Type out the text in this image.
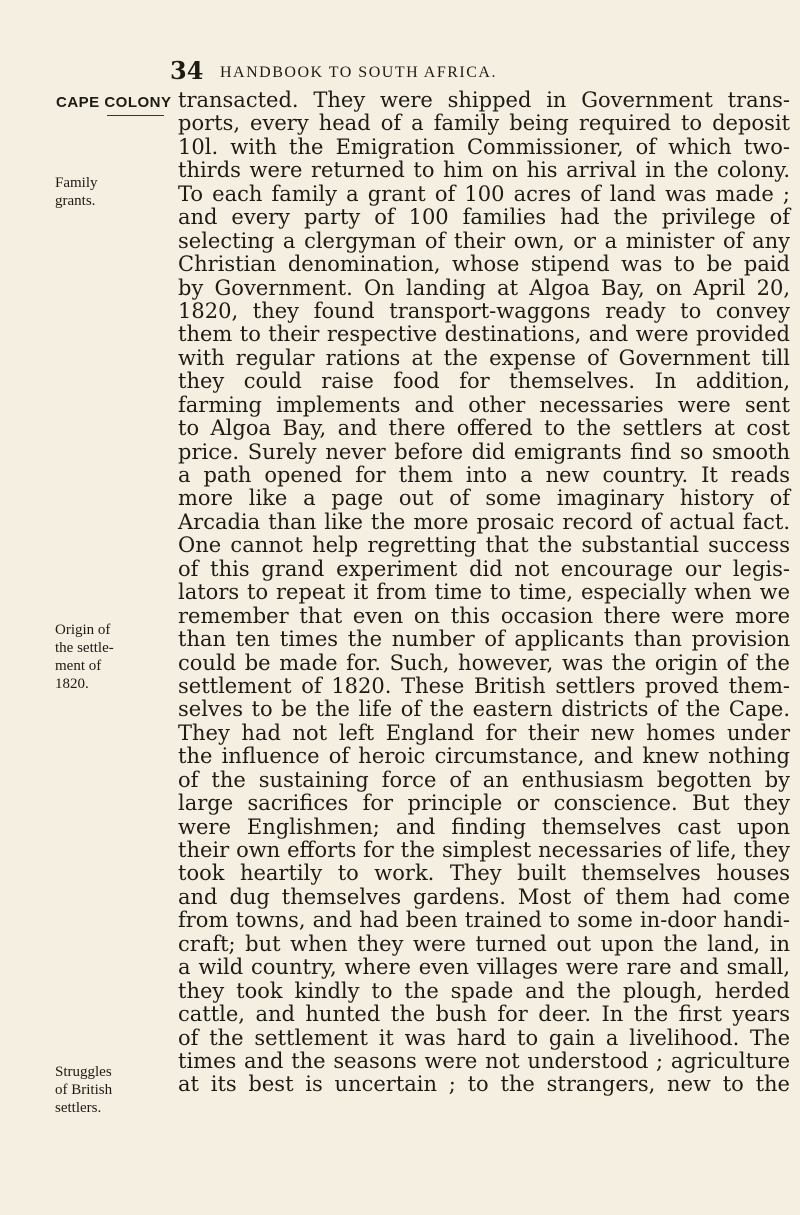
34 HANDBOOK TO SOUTH AFRICA.
CAPE COLONY
Family
grants.
Origin of
the settle-
ment of
1820.
Struggles
of British
settlers.
transacted. They were shipped in Government trans-
ports, every head of a family being required to deposit
10l. with the Emigration Commissioner, of which two-
thirds were returned to him on his arrival in the colony.
To each family a grant of 100 acres of land was made ;
and every party of 100 families had the privilege of
selecting a clergyman of their own, or a minister of any
Christian denomination, whose stipend was to be paid
by Government. On landing at Algoa Bay, on April 20,
1820, they found transport-waggons ready to convey
them to their respective destinations, and were provided
with regular rations at the expense of Government till
they could raise food for themselves. In addition,
farming implements and other necessaries were sent
to Algoa Bay, and there offered to the settlers at cost
price. Surely never before did emigrants find so smooth
a path opened for them into a new country. It reads
more like a page out of some imaginary history of
Arcadia than like the more prosaic record of actual fact.
One cannot help regretting that the substantial success
of this grand experiment did not encourage our legis-
lators to repeat it from time to time, especially when we
remember that even on this occasion there were more
than ten times the number of applicants than provision
could be made for. Such, however, was the origin of the
settlement of 1820. These British settlers proved them-
selves to be the life of the eastern districts of the Cape.
They had not left England for their new homes under
the influence of heroic circumstance, and knew nothing
of the sustaining force of an enthusiasm begotten by
large sacrifices for principle or conscience. But they
were Englishmen; and finding themselves cast upon
their own efforts for the simplest necessaries of life, they
took heartily to work. They built themselves houses
and dug themselves gardens. Most of them had come
from towns, and had been trained to some in-door handi-
craft; but when they were turned out upon the land, in
a wild country, where even villages were rare and small,
they took kindly to the spade and the plough, herded
cattle, and hunted the bush for deer. In the first years
of the settlement it was hard to gain a livelihood. The
times and the seasons were not understood ; agriculture
at its best is uncertain ; to the strangers, new to the
